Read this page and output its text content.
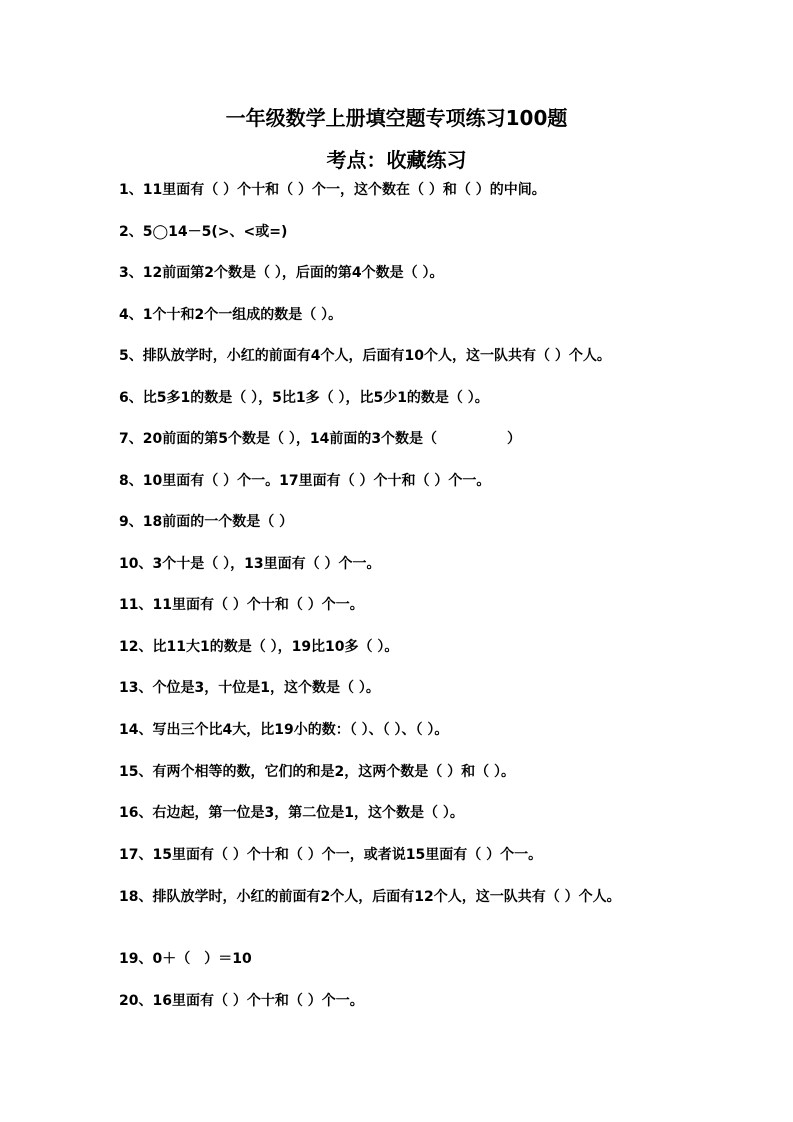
一年级数学上册填空题专项练习100题
考点：收藏练习

1、11里面有（ ）个十和（ ）个一，这个数在（ ）和（ ）的中间。

2、5◯14－5(>、<或=)

3、12前面第2个数是（ ），后面的第4个数是（ ）。

4、1个十和2个一组成的数是（ ）。

5、排队放学时，小红的前面有4个人，后面有10个人，这一队共有（ ）个人。

6、比5多1的数是（ ），5比1多（ ），比5少1的数是（ ）。

7、20前面的第5个数是（ ），14前面的3个数是（　　　　　）

8、10里面有（ ）个一。17里面有（ ）个十和（ ）个一。

9、18前面的一个数是（ ）

10、3个十是（ ），13里面有（ ）个一。

11、11里面有（ ）个十和（ ）个一。

12、比11大1的数是（ ），19比10多（ ）。

13、个位是3，十位是1，这个数是（ ）。

14、写出三个比4大，比19小的数：（ ）、（ ）、（ ）。

15、有两个相等的数，它们的和是2，这两个数是（ ）和（ ）。

16、右边起，第一位是3，第二位是1，这个数是（ ）。

17、15里面有（ ）个十和（ ）个一，或者说15里面有（ ）个一。

18、排队放学时，小红的前面有2个人，后面有12个人，这一队共有（ ）个人。

19、0＋（　）＝10

20、16里面有（ ）个十和（ ）个一。
